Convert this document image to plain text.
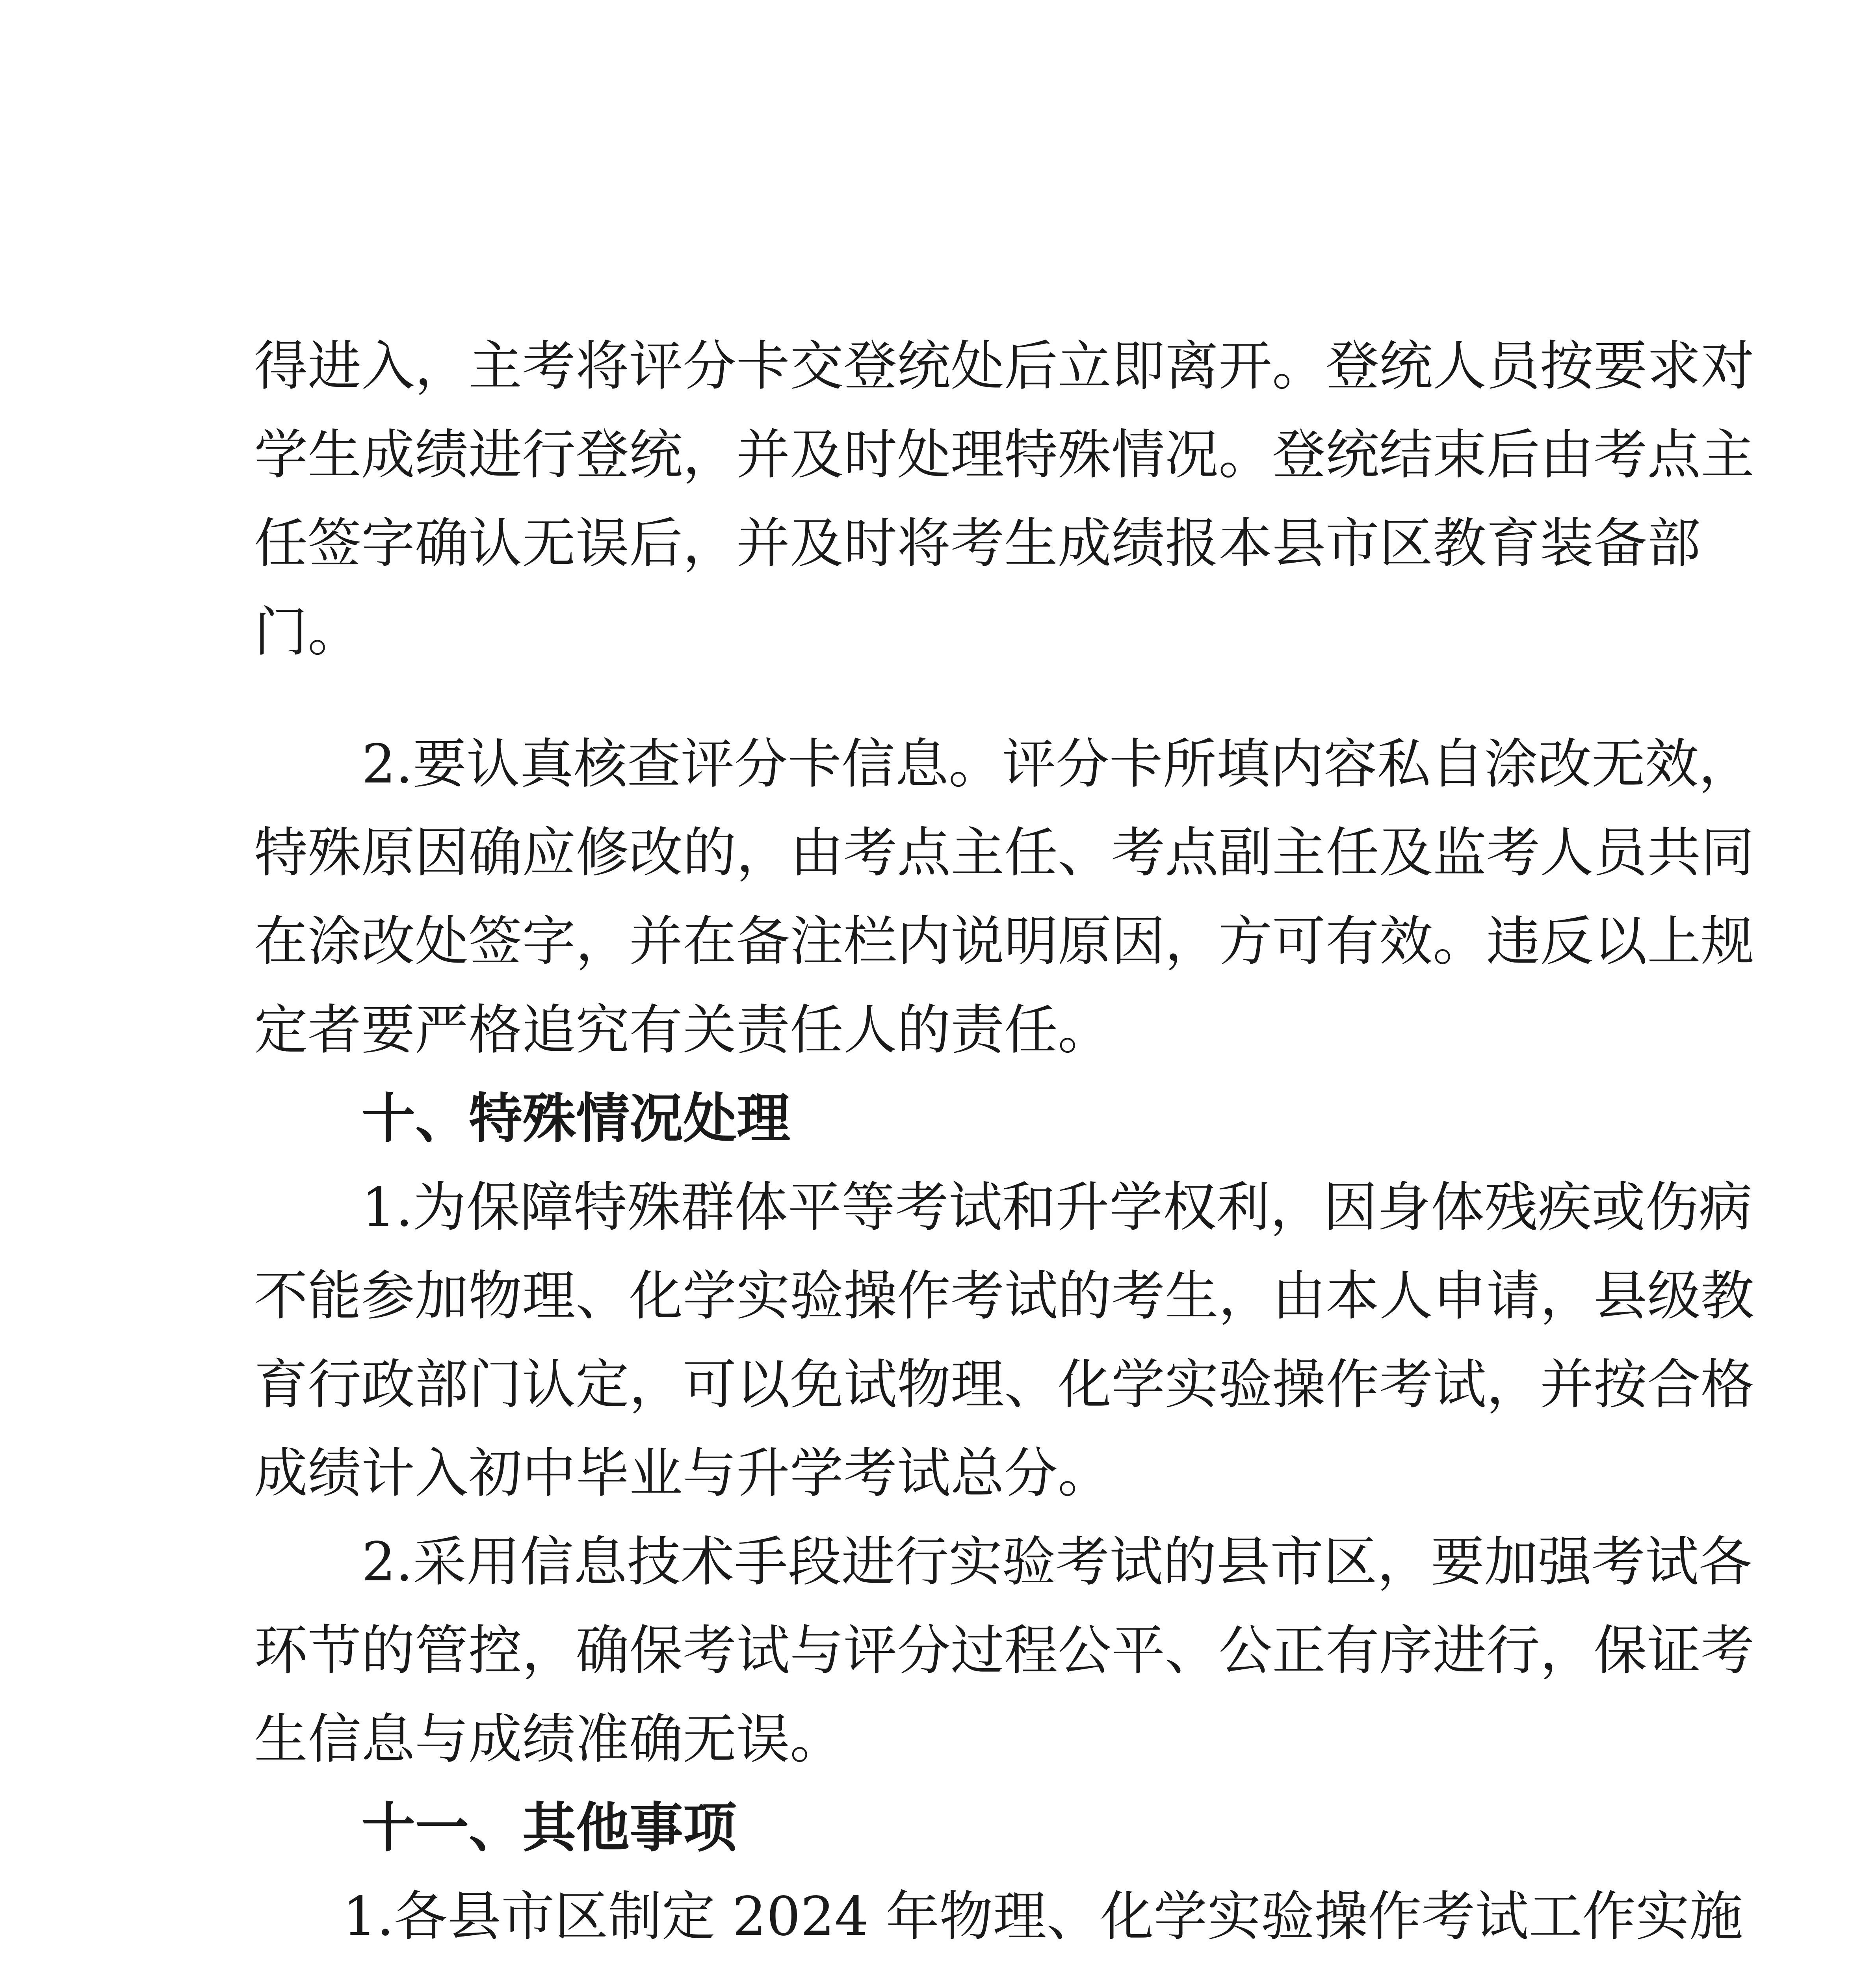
得进入，主考将评分卡交登统处后立即离开。登统人员按要求对
学生成绩进行登统，并及时处理特殊情况。登统结束后由考点主
任签字确认无误后，并及时将考生成绩报本县市区教育装备部
门。
2.要认真核查评分卡信息。评分卡所填内容私自涂改无效，
特殊原因确应修改的，由考点主任、考点副主任及监考人员共同
在涂改处签字，并在备注栏内说明原因，方可有效。违反以上规
定者要严格追究有关责任人的责任。
十、特殊情况处理
1.为保障特殊群体平等考试和升学权利，因身体残疾或伤病
不能参加物理、化学实验操作考试的考生，由本人申请，县级教
育行政部门认定，可以免试物理、化学实验操作考试，并按合格
成绩计入初中毕业与升学考试总分。
2.采用信息技术手段进行实验考试的县市区，要加强考试各
环节的管控，确保考试与评分过程公平、公正有序进行，保证考
生信息与成绩准确无误。
十一、其他事项
1.各县市区制定 2024 年物理、化学实验操作考试工作实施
